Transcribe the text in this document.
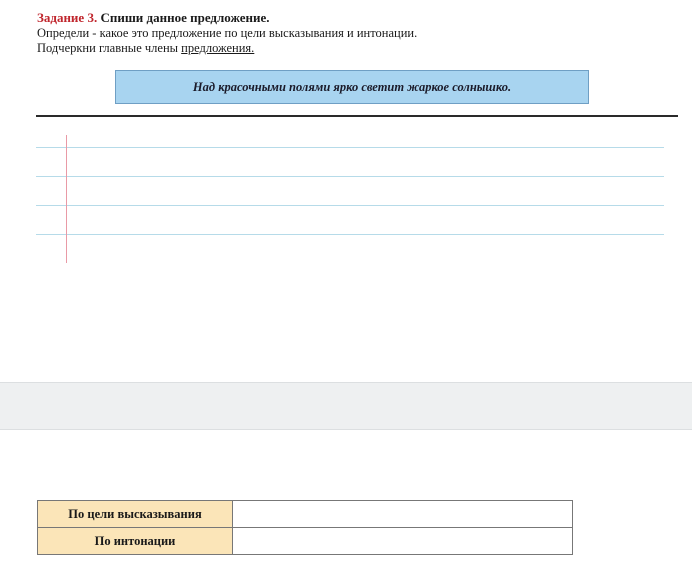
Задание 3. Спиши данное предложение.
Определи - какое это предложение по цели высказывания и интонации.
Подчеркни главные члены предложения.
Над красочными полями ярко светит жаркое солнышко.
По цели высказывания	
По интонации	
